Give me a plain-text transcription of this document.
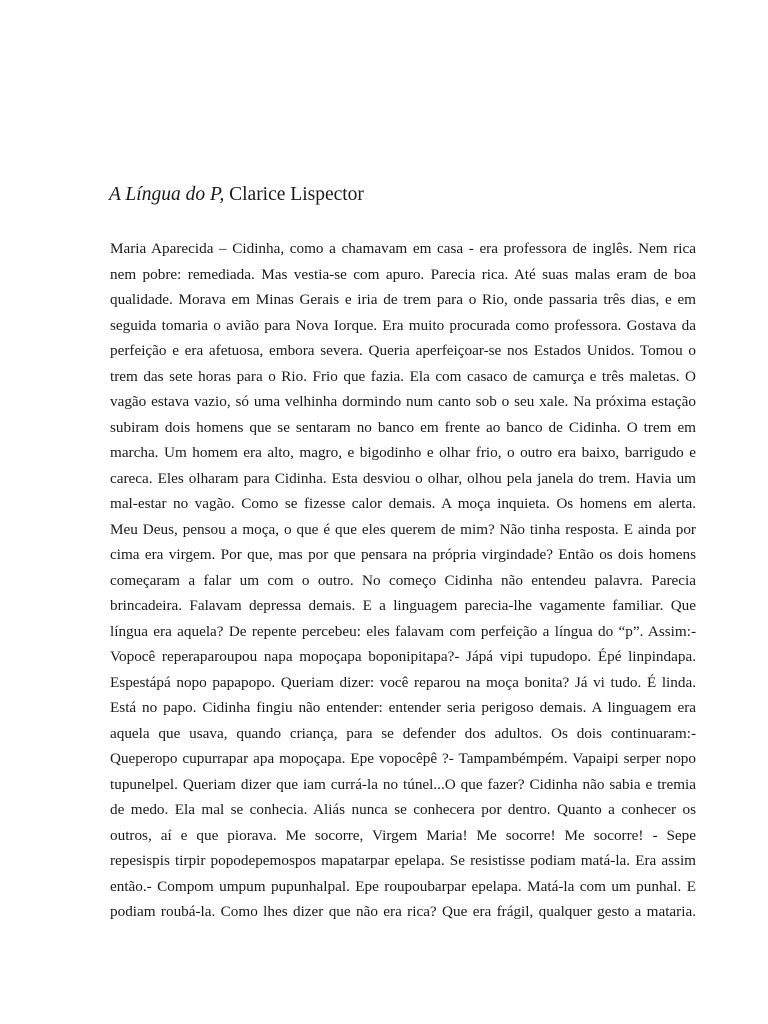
A Língua do P, Clarice Lispector
Maria Aparecida – Cidinha, como a chamavam em casa - era professora de inglês. Nem rica
nem pobre: remediada. Mas vestia-se com apuro. Parecia rica. Até suas malas eram de boa
qualidade. Morava em Minas Gerais e iria de trem para o Rio, onde passaria três dias, e em
seguida tomaria o avião para Nova Iorque. Era muito procurada como professora. Gostava da
perfeição e era afetuosa, embora severa. Queria aperfeiçoar-se nos Estados Unidos. Tomou o
trem das sete horas para o Rio. Frio que fazia. Ela com casaco de camurça e três maletas. O
vagão estava vazio, só uma velhinha dormindo num canto sob o seu xale. Na próxima estação
subiram dois homens que se sentaram no banco em frente ao banco de Cidinha. O trem em
marcha. Um homem era alto, magro, e bigodinho e olhar frio, o outro era baixo, barrigudo e
careca. Eles olharam para Cidinha. Esta desviou o olhar, olhou pela janela do trem. Havia um
mal-estar no vagão. Como se fizesse calor demais. A moça inquieta. Os homens em alerta.
Meu Deus, pensou a moça, o que é que eles querem de mim? Não tinha resposta. E ainda por
cima era virgem. Por que, mas por que pensara na própria virgindade? Então os dois homens
começaram a falar um com o outro. No começo Cidinha não entendeu palavra. Parecia
brincadeira. Falavam depressa demais. E a linguagem parecia-lhe vagamente familiar. Que
língua era aquela? De repente percebeu: eles falavam com perfeição a língua do “p”. Assim:-
Vopocê reperaparoupou napa mopoçapa boponipitapa?- Jápá vipi tupudopo. Épé linpindapa.
Espestápá nopo papapopo. Queriam dizer: você reparou na moça bonita? Já vi tudo. É linda.
Está no papo. Cidinha fingiu não entender: entender seria perigoso demais. A linguagem era
aquela que usava, quando criança, para se defender dos adultos. Os dois continuaram:-
Queperopo cupurrapar apa mopoçapa. Epe vopocêpê ?- Tampambémpém. Vapaipi serper nopo
tupunelpel. Queriam dizer que iam currá-la no túnel...O que fazer? Cidinha não sabia e tremia
de medo. Ela mal se conhecia. Aliás nunca se conhecera por dentro. Quanto a conhecer os
outros, aí e que piorava. Me socorre, Virgem Maria! Me socorre! Me socorre! - Sepe
repesispis tirpir popodepemospos mapatarpar epelapa. Se resistisse podiam matá-la. Era assim
então.- Compom umpum pupunhalpal. Epe roupoubarpar epelapa. Matá-la com um punhal. E
podiam roubá-la. Como lhes dizer que não era rica? Que era frágil, qualquer gesto a mataria.
